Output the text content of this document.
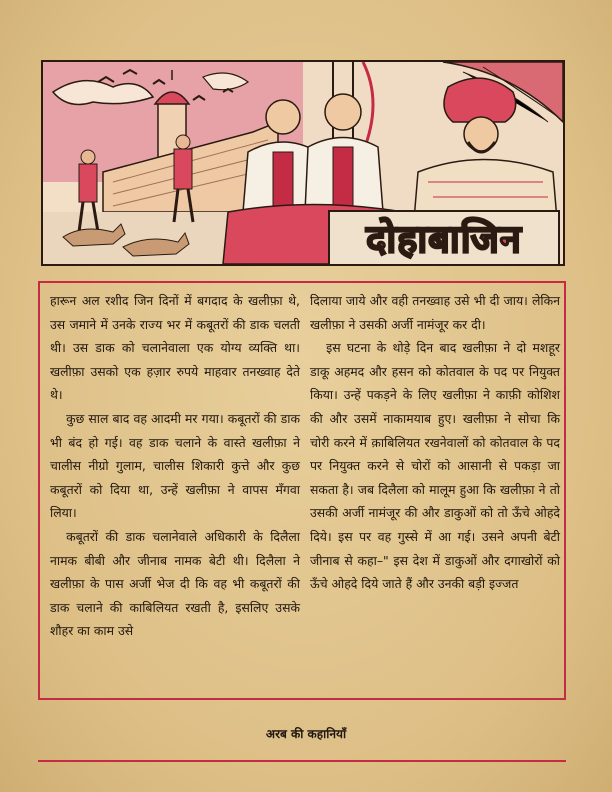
दोहाबाजिन

हारून अल रशीद जिन दिनों में बगदाद के खलीफ़ा थे, उस जमाने में उनके राज्य भर में कबूतरों की डाक चलती थी। उस डाक को चलानेवाला एक योग्य व्यक्ति था। खलीफ़ा उसको एक हज़ार रुपये माहवार तनख्वाह देते थे।

कुछ साल बाद वह आदमी मर गया। कबूतरों की डाक भी बंद हो गई। वह डाक चलाने के वास्ते खलीफ़ा ने चालीस नीग्रो गुलाम, चालीस शिकारी कुत्ते और कुछ कबूतरों को दिया था, उन्हें खलीफ़ा ने वापस मँगवा लिया।

कबूतरों की डाक चलानेवाले अधिकारी के दिलैला नामक बीबी और जीनाब नामक बेटी थी। दिलैला ने खलीफ़ा के पास अर्जी भेज दी कि वह भी कबूतरों की डाक चलाने की काबिलियत रखती है, इसलिए उसके शौहर का काम उसे

दिलाया जाये और वही तनख्वाह उसे भी दी जाय। लेकिन खलीफ़ा ने उसकी अर्जी नामंजूर कर दी।

इस घटना के थोड़े दिन बाद खलीफ़ा ने दो मशहूर डाकू अहमद और हसन को कोतवाल के पद पर नियुक्त किया। उन्हें पकड़ने के लिए खलीफ़ा ने काफ़ी कोशिश की और उसमें नाकामयाब हुए। खलीफ़ा ने सोचा कि चोरी करने में क़ाबिलियत रखनेवालों को कोतवाल के पद पर नियुक्त करने से चोरों को आसानी से पकड़ा जा सकता है। जब दिलैला को मालूम हुआ कि खलीफ़ा ने तो उसकी अर्जी नामंजूर की और डाकुओं को तो ऊँचे ओहदे दिये। इस पर वह गुस्से में आ गई। उसने अपनी बेटी जीनाब से कहा–" इस देश में डाकुओं और दगाखोरों को ऊँचे ओहदे दिये जाते हैं और उनकी बड़ी इज्जत

अरब की कहानियाँ
